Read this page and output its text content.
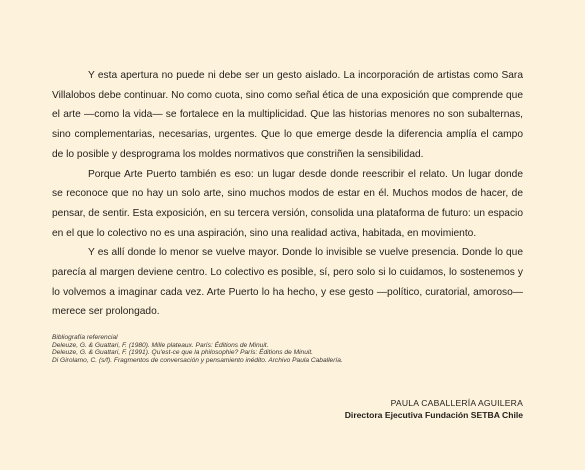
Y esta apertura no puede ni debe ser un gesto aislado. La incorporación de artistas como Sara Villalobos debe continuar. No como cuota, sino como señal ética de una exposición que comprende que el arte —como la vida— se fortalece en la multiplicidad. Que las historias menores no son subalternas, sino complementarias, necesarias, urgentes. Que lo que emerge desde la diferencia amplía el campo de lo posible y desprograma los moldes normativos que constriñen la sensibilidad.

Porque Arte Puerto también es eso: un lugar desde donde reescribir el relato. Un lugar donde se reconoce que no hay un solo arte, sino muchos modos de estar en él. Muchos modos de hacer, de pensar, de sentir. Esta exposición, en su tercera versión, consolida una plataforma de futuro: un espacio en el que lo colectivo no es una aspiración, sino una realidad activa, habitada, en movimiento.

Y es allí donde lo menor se vuelve mayor. Donde lo invisible se vuelve presencia. Donde lo que parecía al margen deviene centro. Lo colectivo es posible, sí, pero solo si lo cuidamos, lo sostenemos y lo volvemos a imaginar cada vez. Arte Puerto lo ha hecho, y ese gesto —político, curatorial, amoroso— merece ser prolongado.

Bibliografía referencial
Deleuze, G. & Guattari, F. (1980). Mille plateaux. París: Éditions de Minuit.
Deleuze, G. & Guattari, F. (1991). Qu'est-ce que la philosophie? París: Éditions de Minuit.
Di Girolamo, C. (s/f). Fragmentos de conversación y pensamiento inédito. Archivo Paula Caballería.
PAULA CABALLERÍA AGUILERA
Directora Ejecutiva Fundación SETBA Chile
